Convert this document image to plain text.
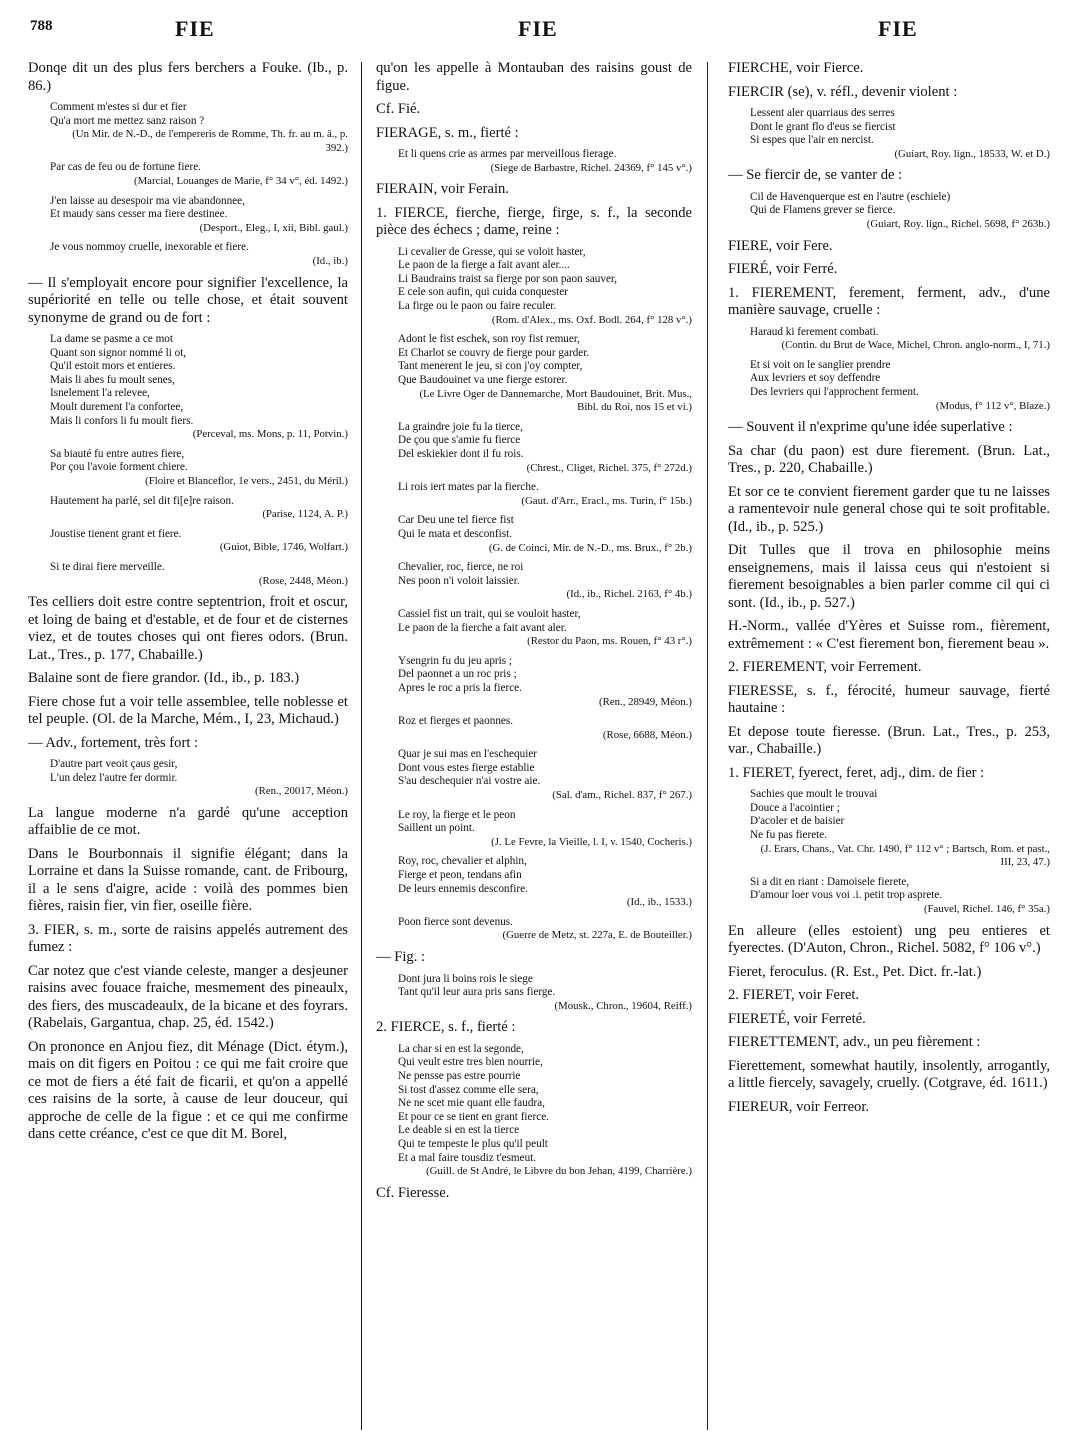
788	FIE	FIE	FIE
Donqe dit un des plus fers berchers a Fouke. (Ib., p. 86.)
Comment m'estes si dur et fier
Qu'a mort me mettez sanz raison ?
(Un Mir. de N.-D., de l'empereris de Romme, Th. fr. au m. â., p. 392.)
Par cas de feu ou de fortune fiere.
(Marcial, Louanges de Marie, f° 34 v°, éd. 1492.)
J'en laisse au desespoir ma vie abandonnee,
Et maudy sans cesser ma fiere destinee.
(Desport., Eleg., I, xii, Bibl. gaul.)
Je vous nommoy cruelle, inexorable et fiere.
(Id., ib.)
— Il s'employait encore pour signifier l'excellence, la supériorité en telle ou telle chose, et était souvent synonyme de grand ou de fort :
La dame se pasme a ce mot
Quant son signor nommé li ot,
Qu'il estoit mors et entieres.
Mais li abes fu moult senes,
Isnelement l'a relevee,
Moult durement l'a confortee,
Mais li confors li fu moult fiers.
(Perceval, ms. Mons, p. 11, Potvin.)
Sa biauté fu entre autres fiere,
Por çou l'avoie forment chiere.
(Floire et Blanceflor, 1e vers., 2451, du Méril.)
Hautement ha parlé, sel dit fi[e]re raison.
(Parise, 1124, A. P.)
Joustise tienent grant et fiere.
(Guiot, Bible, 1746, Wolfart.)
Si te dirai fiere merveille.
(Rose, 2448, Méon.)
Tes celliers doit estre contre septentrion, froit et oscur, et loing de baing et d'estable, et de four et de cisternes viez, et de toutes choses qui ont fieres odors. (Brun. Lat., Tres., p. 177, Chabaille.)
Balaine sont de fiere grandor. (Id., ib., p. 183.)
Fiere chose fut a voir telle assemblee, telle noblesse et tel peuple. (Ol. de la Marche, Mém., I, 23, Michaud.)
— Adv., fortement, très fort :
D'autre part veoit çaus gesir,
L'un delez l'autre fer dormir.
(Ren., 20017, Méon.)
La langue moderne n'a gardé qu'une acception affaiblie de ce mot.
Dans le Bourbonnais il signifie élégant; dans la Lorraine et dans la Suisse romande, cant. de Fribourg, il a le sens d'aigre, acide : voilà des pommes bien fières, raisin fier, vin fier, oseille fière.
3. FIER, s. m., sorte de raisins appelés autrement des fumez :
Car notez que c'est viande celeste, manger a desjeuner raisins avec fouace fraiche, mesmement des pineaulx, des fiers, des muscadeaulx, de la bicane et des foyrars. (Rabelais, Gargantua, chap. 25, éd. 1542.)
On prononce en Anjou fiez, dit Ménage (Dict. étym.), mais on dit figers en Poitou : ce qui me fait croire que ce mot de fiers a été fait de ficarii, et qu'on a appellé ces raisins de la sorte, à cause de leur douceur, qui approche de celle de la figue : et ce qui me confirme dans cette créance, c'est ce que dit M. Borel,
qu'on les appelle à Montauban des raisins goust de figue.
Cf. Fié.
FIERAGE, s. m., fierté :
Et li quens crie as armes par merveillous fierage.
(Siege de Barbastre, Richel. 24369, f° 145 v°.)
FIERAIN, voir Ferain.
1. FIERCE, fierche, fierge, firge, s. f., la seconde pièce des échecs ; dame, reine :
Li cevalier de Gresse, qui se voloit haster,
Le paon de la fierge a fait avant aler....
Li Baudrains traist sa fierge por son paon sauver,
E cele son aufin, qui cuida conquester
La firge ou le paon ou faire reculer.
(Rom. d'Alex., ms. Oxf. Bodl. 264, f° 128 v°.)
Adont le fist eschek, son roy fist remuer,
Et Charlot se couvry de fierge pour garder.
Tant menerent le jeu, si con j'oy compter,
Que Baudouinet va une fierge estorer.
(Le Livre Oger de Dannemarche, Mort Baudouinet, Brit. Mus., Bibl. du Roi, nos 15 et vi.)
La graindre joie fu la tierce,
De çou que s'amie fu fierce
Del eskiekier dont il fu rois.
(Chrest., Cliget, Richel. 375, f° 272d.)
Li rois iert mates par la fierche.
(Gaut. d'Arr., Eracl., ms. Turin, f° 15b.)
Car Deu une tel fierce fist
Qui le mata et desconfist.
(G. de Coinci, Mir. de N.-D., ms. Brux., f° 2b.)
Chevalier, roc, fierce, ne roi
Nes poon n'i voloit laissier.
(Id., ib., Richel. 2163, f° 4b.)
Cassiel fist un trait, qui se vouloit haster,
Le paon de la fierche a fait avant aler.
(Restor du Paon, ms. Rouen, f° 43 r°.)
Ysengrin fu du jeu apris ;
Del paonnet a un roc pris ;
Apres le roc a pris la fierce.
(Ren., 28949, Méon.)
Roz et fierges et paonnes.
(Rose, 6688, Méon.)
Quar je sui mas en l'eschequier
Dont vous estes fierge establie
S'au deschequier n'ai vostre aie.
(Sal. d'am., Richel. 837, f° 267.)
Le roy, la fierge et le peon
Saillent un point.
(J. Le Fevre, la Vieille, l. I, v. 1540, Cocheris.)
Roy, roc, chevalier et alphin,
Fierge et peon, tendans afin
De leurs ennemis desconfire.
(Id., ib., 1533.)
Poon fierce sont devenus.
(Guerre de Metz, st. 227a, E. de Bouteiller.)
— Fig. :
Dont jura li boins rois le siege
Tant qu'il leur aura pris sans fierge.
(Mousk., Chron., 19604, Reiff.)
2. FIERCE, s. f., fierté :
La char si en est la segonde,
Qui veult estre tres bien nourrie,
Ne pensse pas estre pourrie
Si tost d'assez comme elle sera,
Ne ne scet mie quant elle faudra,
Et pour ce se tient en grant fierce.
Le deable si en est la tierce
Qui te tempeste le plus qu'il peult
Et a mal faire tousdiz t'esmeut.
(Guill. de St André, le Libvre du bon Jehan, 4199, Charrière.)
Cf. Fieresse.
FIERCHE, voir Fierce.
FIERCIR (se), v. réfl., devenir violent :
Lessent aler quarriaus des serres
Dont le grant flo d'eus se fiercist
Si espes que l'air en nercist.
(Guiart, Roy. lign., 18533, W. et D.)
— Se fiercir de, se vanter de :
Cil de Havenquerque est en l'autre (eschiele)
Qui de Flamens grever se fierce.
(Guiart, Roy. lign., Richel. 5698, f° 263b.)
FIERE, voir Fere.
FIERÉ, voir Ferré.
1. FIEREMENT, ferement, ferment, adv., d'une manière sauvage, cruelle :
Haraud ki ferement combati.
(Contin. du Brut de Wace, Michel, Chron. anglo-norm., I, 71.)
Et si voit on le sanglier prendre
Aux levriers et soy deffendre
Des levriers qui l'approchent ferment.
(Modus, f° 112 v°, Blaze.)
— Souvent il n'exprime qu'une idée superlative :
Sa char (du paon) est dure fierement. (Brun. Lat., Tres., p. 220, Chabaille.)
Et sor ce te convient fierement garder que tu ne laisses a ramentevoir nule general chose qui te soit profitable. (Id., ib., p. 525.)
Dit Tulles que il trova en philosophie meins enseignemens, mais il laissa ceus qui n'estoient si fierement besoignables a bien parler comme cil qui ci sont. (Id., ib., p. 527.)
H.-Norm., vallée d'Yères et Suisse rom., fièrement, extrêmement : « C'est fierement bon, fierement beau ».
2. FIEREMENT, voir Ferrement.
FIERESSE, s. f., férocité, humeur sauvage, fierté hautaine :
Et depose toute fieresse. (Brun. Lat., Tres., p. 253, var., Chabaille.)
1. FIERET, fyerect, feret, adj., dim. de fier :
Sachies que moult le trouvai
Douce a l'acointier ;
D'acoler et de baisier
Ne fu pas fierete.
(J. Erars, Chans., Vat. Chr. 1490, f° 112 v° ; Bartsch, Rom. et past., III, 23, 47.)
Si a dit en riant : Damoisele fierete,
D'amour loer vous voi .i. petit trop asprete.
(Fauvel, Richel. 146, f° 35a.)
En alleure (elles estoient) ung peu entieres et fyerectes. (D'Auton, Chron., Richel. 5082, f° 106 v°.)
Fieret, feroculus. (R. Est., Pet. Dict. fr.-lat.)
2. FIERET, voir Feret.
FIERETÉ, voir Ferreté.
FIERETTEMENT, adv., un peu fièrement :
Fierettement, somewhat hautily, insolently, arrogantly, a little fiercely, savagely, cruelly. (Cotgrave, éd. 1611.)
FIEREUR, voir Ferreor.
